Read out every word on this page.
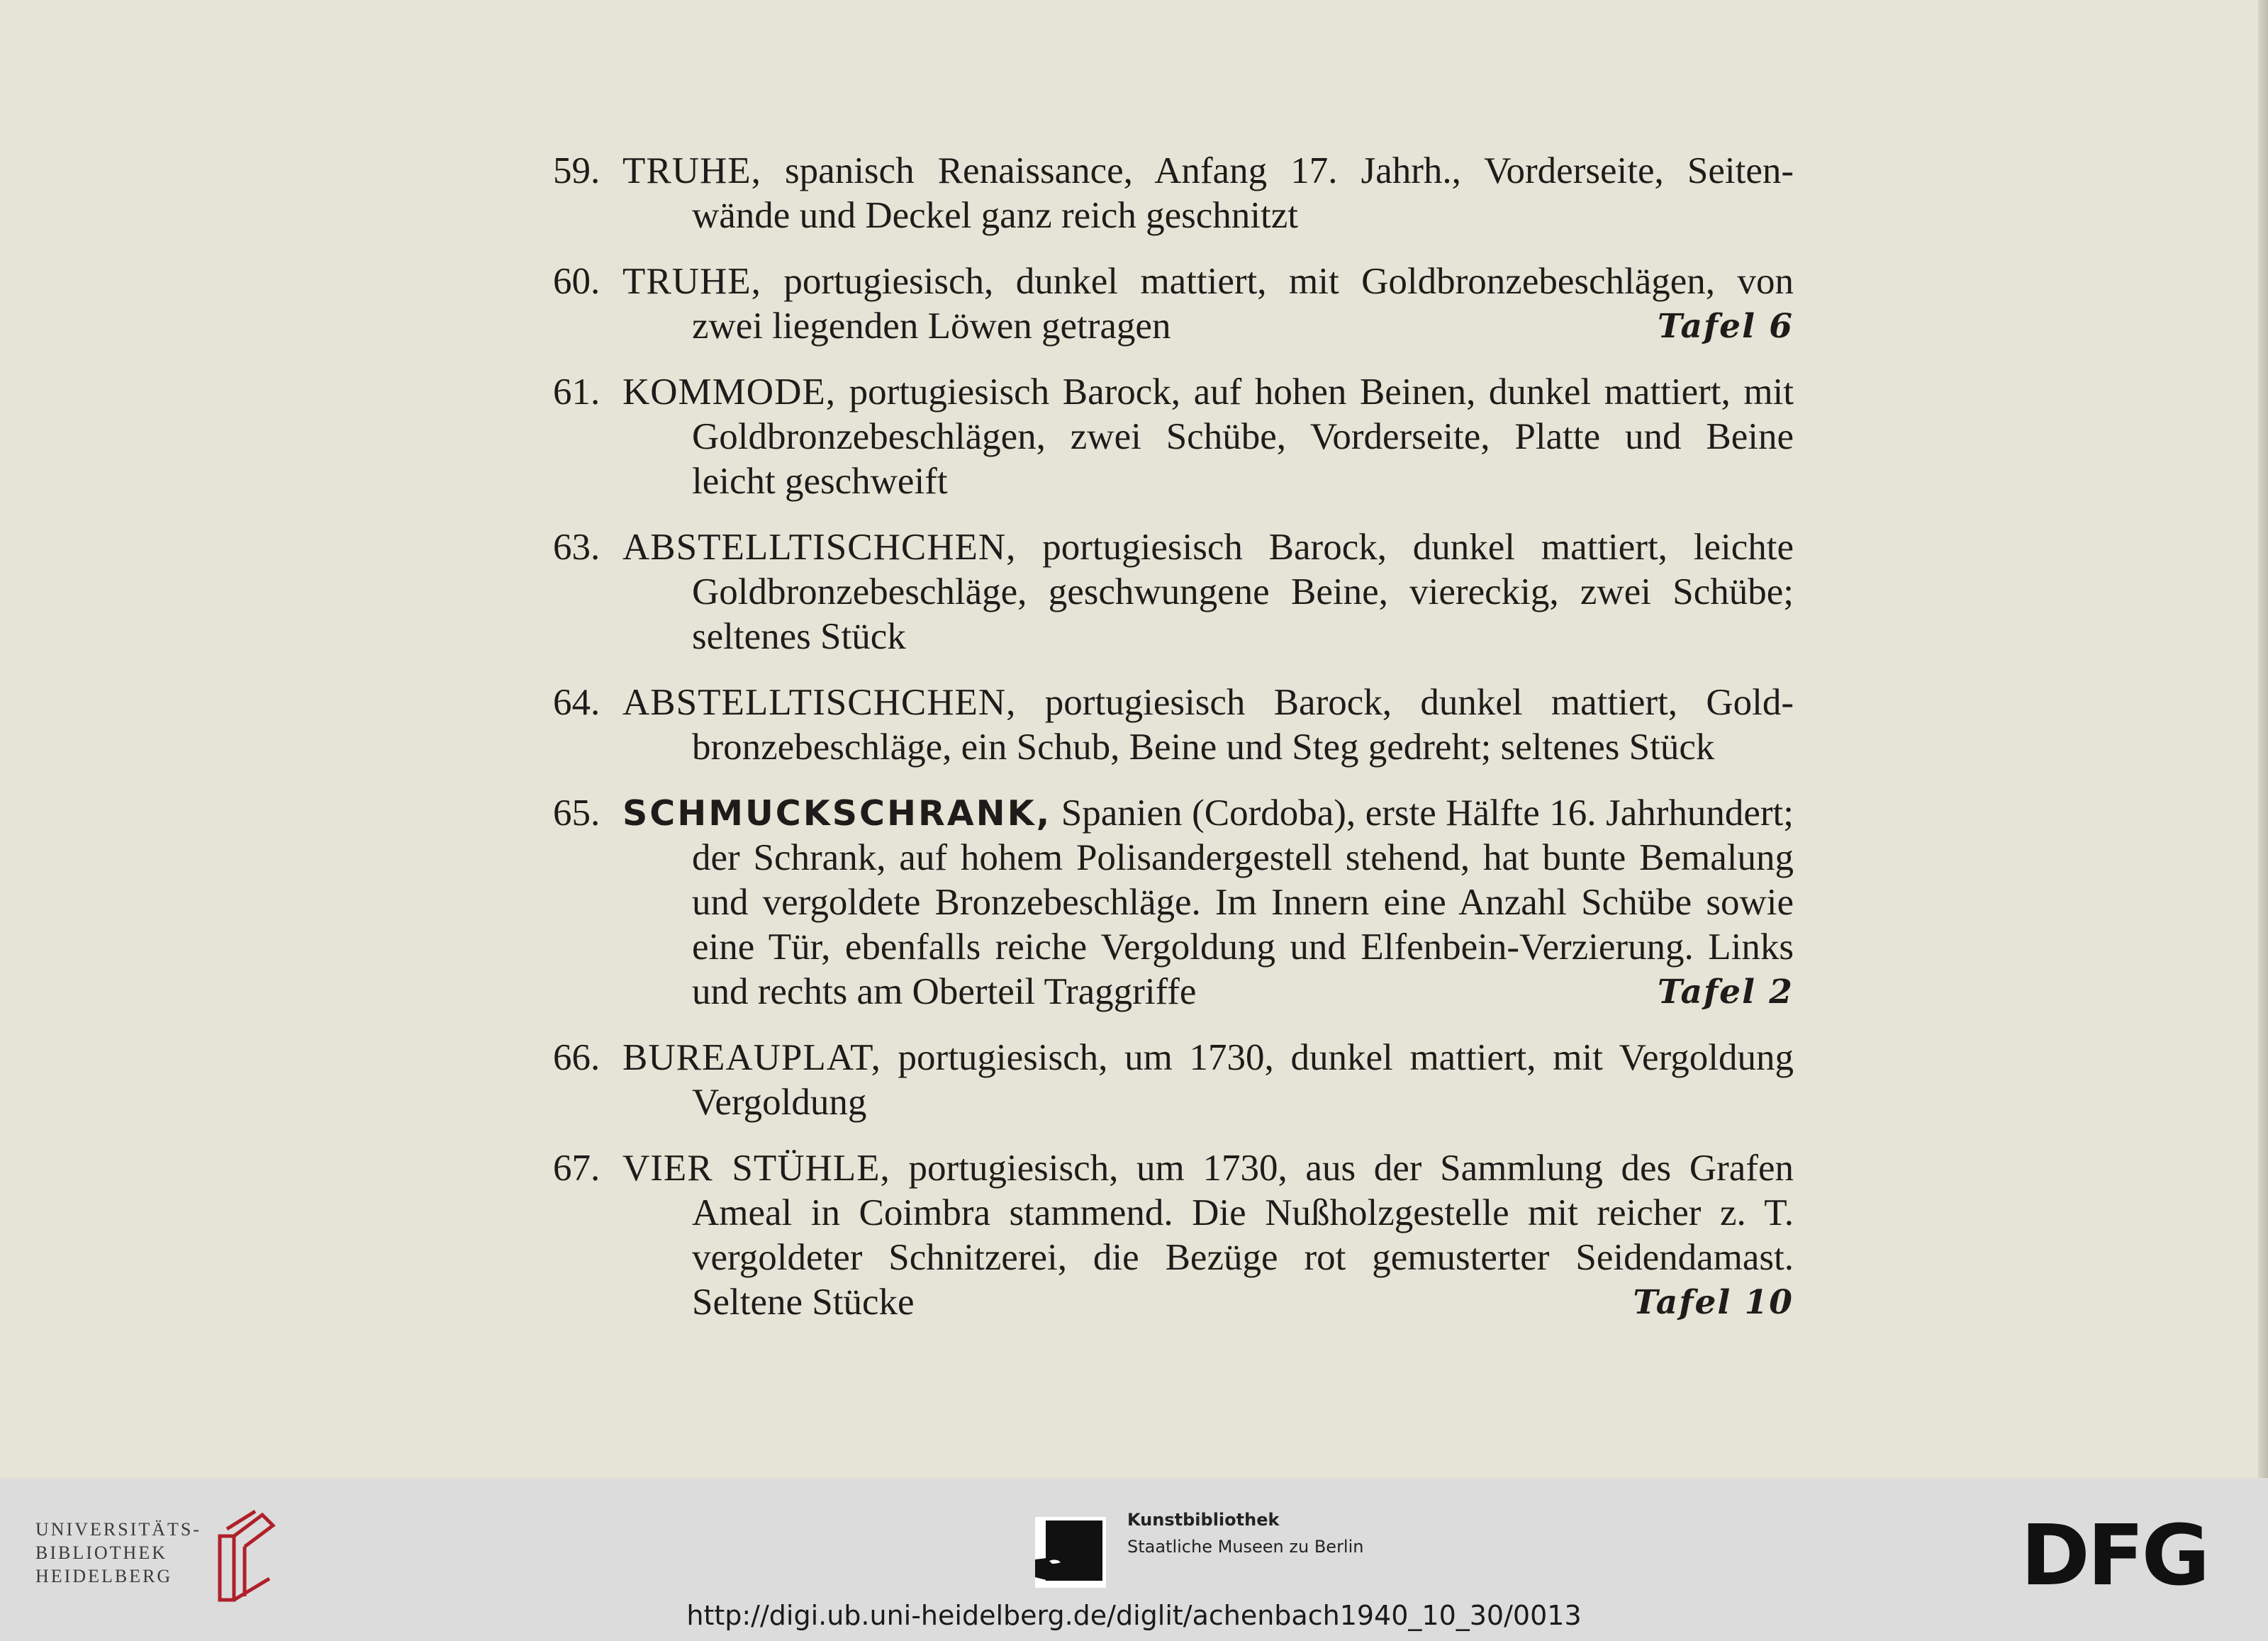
59. TRUHE, spanisch Renaissance, Anfang 17. Jahrh., Vorderseite, Seiten-
wände und Deckel ganz reich geschnitzt
60. TRUHE, portugiesisch, dunkel mattiert, mit Goldbronzebeschlägen, von
zwei liegenden Löwen getragen	Tafel 6
61. KOMMODE, portugiesisch Barock, auf hohen Beinen, dunkel mattiert, mit
Goldbronzebeschlägen, zwei Schübe, Vorderseite, Platte und Beine
leicht geschweift
63. ABSTELLTISCHCHEN, portugiesisch Barock, dunkel mattiert, leichte
Goldbronzebeschläge, geschwungene Beine, viereckig, zwei Schübe;
seltenes Stück
64. ABSTELLTISCHCHEN, portugiesisch Barock, dunkel mattiert, Gold-
bronzebeschläge, ein Schub, Beine und Steg gedreht; seltenes Stück
65. SCHMUCKSCHRANK, Spanien (Cordoba), erste Hälfte 16. Jahrhundert;
der Schrank, auf hohem Polisandergestell stehend, hat bunte Bemalung
und vergoldete Bronzebeschläge. Im Innern eine Anzahl Schübe sowie
eine Tür, ebenfalls reiche Vergoldung und Elfenbein-Verzierung. Links
und rechts am Oberteil Traggriffe	Tafel 2
66. BUREAUPLAT, portugiesisch, um 1730, dunkel mattiert, mit Vergoldung
Vergoldung
67. VIER STÜHLE, portugiesisch, um 1730, aus der Sammlung des Grafen
Ameal in Coimbra stammend. Die Nußholzgestelle mit reicher z. T.
vergoldeter Schnitzerei, die Bezüge rot gemusterter Seidendamast.
Seltene Stücke	Tafel 10
UNIVERSITÄTS-
BIBLIOTHEK
HEIDELBERG
Kunstbibliothek
Staatliche Museen zu Berlin	DFG
http://digi.ub.uni-heidelberg.de/diglit/achenbach1940_10_30/0013
